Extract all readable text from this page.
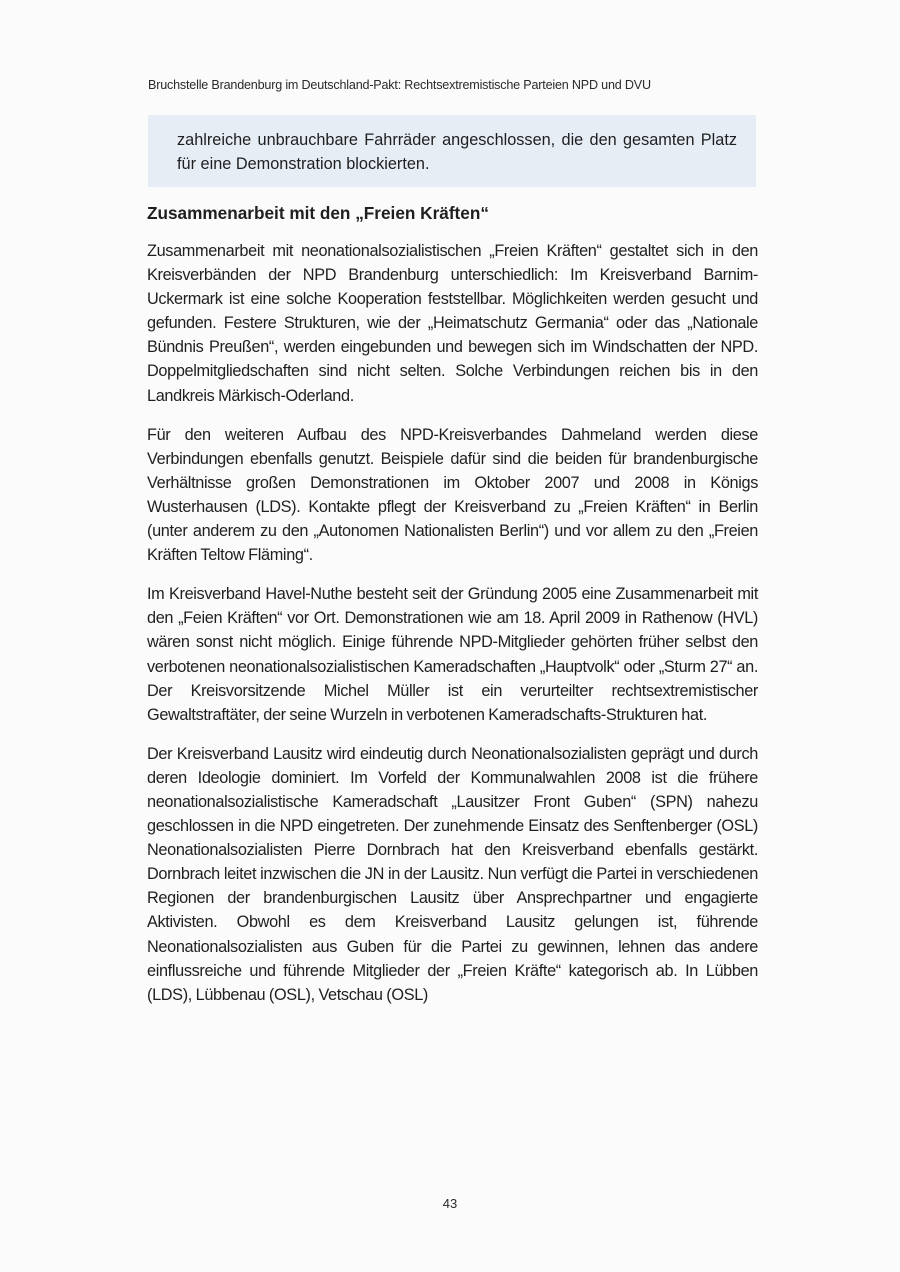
Bruchstelle Brandenburg im Deutschland-Pakt: Rechtsextremistische Parteien NPD und DVU

zahlreiche unbrauchbare Fahrräder angeschlossen, die den gesamten Platz für eine Demonstration blockierten.

Zusammenarbeit mit den „Freien Kräften“

Zusammenarbeit mit neonationalsozialistischen „Freien Kräften“ gestaltet sich in den Kreisverbänden der NPD Brandenburg unterschiedlich: Im Kreisverband Barnim-Uckermark ist eine solche Kooperation feststellbar. Möglichkeiten werden gesucht und gefunden. Festere Strukturen, wie der „Heimatschutz Germania“ oder das „Nationale Bündnis Preußen“, werden eingebunden und bewegen sich im Windschatten der NPD. Doppelmitgliedschaften sind nicht selten. Solche Verbindungen reichen bis in den Landkreis Märkisch-Oderland.

Für den weiteren Aufbau des NPD-Kreisverbandes Dahmeland werden diese Verbindungen ebenfalls genutzt. Beispiele dafür sind die beiden für brandenburgische Verhältnisse großen Demonstrationen im Oktober 2007 und 2008 in Königs Wusterhausen (LDS). Kontakte pflegt der Kreisverband zu „Freien Kräften“ in Berlin (unter anderem zu den „Autonomen Nationalisten Berlin“) und vor allem zu den „Freien Kräften Teltow Fläming“.

Im Kreisverband Havel-Nuthe besteht seit der Gründung 2005 eine Zusammenarbeit mit den „Feien Kräften“ vor Ort. Demonstrationen wie am 18. April 2009 in Rathenow (HVL) wären sonst nicht möglich. Einige führende NPD-Mitglieder gehörten früher selbst den verbotenen neonationalsozialistischen Kameradschaften „Hauptvolk“ oder „Sturm 27“ an. Der Kreisvorsitzende Michel Müller ist ein verurteilter rechtsextremistischer Gewaltstraftäter, der seine Wurzeln in verbotenen Kameradschafts-Strukturen hat.

Der Kreisverband Lausitz wird eindeutig durch Neonationalsozialisten geprägt und durch deren Ideologie dominiert. Im Vorfeld der Kommunalwahlen 2008 ist die frühere neonationalsozialistische Kameradschaft „Lausitzer Front Guben“ (SPN) nahezu geschlossen in die NPD eingetreten. Der zunehmende Einsatz des Senftenberger (OSL) Neonationalsozialisten Pierre Dornbrach hat den Kreisverband ebenfalls gestärkt. Dornbrach leitet inzwischen die JN in der Lausitz. Nun verfügt die Partei in verschiedenen Regionen der brandenburgischen Lausitz über Ansprechpartner und engagierte Aktivisten. Obwohl es dem Kreisverband Lausitz gelungen ist, führende Neonationalsozialisten aus Guben für die Partei zu gewinnen, lehnen das andere einflussreiche und führende Mitglieder der „Freien Kräfte“ kategorisch ab. In Lübben (LDS), Lübbenau (OSL), Vetschau (OSL)

43
